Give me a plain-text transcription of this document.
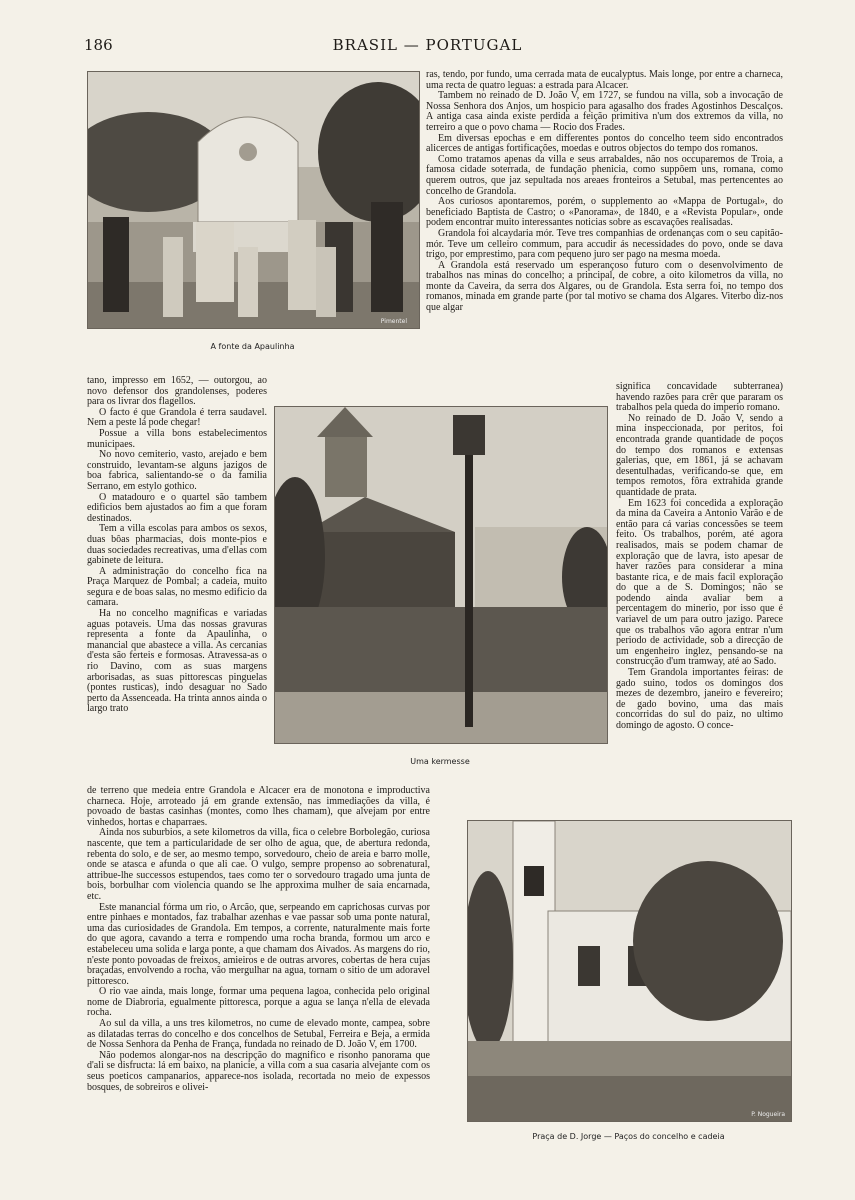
186	BRASIL — PORTUGAL
Pimentel
A fonte da Apaulinha
Uma kermesse
P. Nogueira
Praça de D. Jorge — Paços do concelho e cadeia

ras, tendo, por fundo, uma cerrada mata de eucalyptus. Mais longe, por entre a charneca, uma recta de quatro leguas: a estrada para Alcacer.

Tambem no reinado de D. João V, em 1727, se fundou na villa, sob a invocação de Nossa Senhora dos Anjos, um hospicio para agasalho dos frades Agostinhos Descalços. A antiga casa ainda existe perdida a feição primitiva n'um dos extremos da villa, no terreiro a que o povo chama — Rocio dos Frades.

Em diversas epochas e em differentes pontos do concelho teem sido encontrados alicerces de antigas fortificações, moedas e outros objectos do tempo dos romanos.

Como tratamos apenas da villa e seus arrabaldes, não nos occuparemos de Troia, a famosa cidade soterrada, de fundação phenicia, como suppõem uns, romana, como querem outros, que jaz sepultada nos areaes fronteiros a Setubal, mas pertencentes ao concelho de Grandola.

Aos curiosos apontaremos, porém, o supplemento ao «Mappa de Portugal», do beneficiado Baptista de Castro; o «Panorama», de 1840, e a «Revista Popular», onde podem encontrar muito interessantes noticias sobre as escavações realisadas.

Grandola foi alcaydaria mór. Teve tres companhias de ordenanças com o seu capitão-mór. Teve um celleiro commum, para accudir ás necessidades do povo, onde se dava trigo, por emprestimo, para com pequeno juro ser pago na mesma moeda.

A Grandola está reservado um esperançoso futuro com o desenvolvimento de trabalhos nas minas do concelho; a principal, de cobre, a oito kilometros da villa, no monte da Caveira, da serra dos Algares, ou de Grandola. Esta serra foi, no tempo dos romanos, minada em grande parte (por tal motivo se chama dos Algares. Viterbo diz-nos que algar

significa concavidade subterranea) havendo razões para crêr que pararam os trabalhos pela queda do imperio romano.

No reinado de D. João V, sendo a mina inspeccionada, por peritos, foi encontrada grande quantidade de poços do tempo dos romanos e extensas galerias, que, em 1861, já se achavam desentulhadas, verificando-se que, em tempos remotos, fôra extrahida grande quantidade de prata.

Em 1623 foi concedida a exploração da mina da Caveira a Antonio Varão e de então para cá varias concessões se teem feito. Os trabalhos, porém, até agora realisados, mais se podem chamar de exploração que de lavra, isto apesar de haver razões para considerar a mina bastante rica, e de mais facil exploração do que a de S. Domingos; não se podendo ainda avaliar bem a percentagem do minerio, por isso que é variavel de um para outro jazigo. Parece que os trabalhos vão agora entrar n'um periodo de actividade, sob a direcção de um engenheiro inglez, pensando-se na construcção d'um tramway, até ao Sado.

Tem Grandola importantes feiras: de gado suino, todos os domingos dos mezes de dezembro, janeiro e fevereiro; de gado bovino, uma das mais concorridas do sul do paiz, no ultimo domingo de agosto. O conce-

tano, impresso em 1652, — outorgou, ao novo defensor dos grandolenses, poderes para os livrar dos flagellos.

O facto é que Grandola é terra saudavel. Nem a peste lá pode chegar!

Possue a villa bons estabelecimentos municipaes.

No novo cemiterio, vasto, arejado e bem construido, levantam-se alguns jazigos de boa fabrica, salientando-se o da familia Serrano, em estylo gothico.

O matadouro e o quartel são tambem edificios bem ajustados ao fim a que foram destinados.

Tem a villa escolas para ambos os sexos, duas bôas pharmacias, dois monte-pios e duas sociedades recreativas, uma d'ellas com gabinete de leitura.

A administração do concelho fica na Praça Marquez de Pombal; a cadeia, muito segura e de boas salas, no mesmo edificio da camara.

Ha no concelho magnificas e variadas aguas potaveis. Uma das nossas gravuras representa a fonte da Apaulinha, o manancial que abastece a villa. As cercanias d'esta são ferteis e formosas. Atravessa-as o rio Davino, com as suas margens arborisadas, as suas pittorescas pinguelas (pontes rusticas), indo desaguar no Sado perto da Assenceada. Ha trinta annos ainda o largo trato

de terreno que medeia entre Grandola e Alcacer era de monotona e improductiva charneca. Hoje, arroteado já em grande extensão, nas immediações da villa, é povoado de bastas casinhas (montes, como lhes chamam), que alvejam por entre vinhedos, hortas e chaparraes.

Ainda nos suburbios, a sete kilometros da villa, fica o celebre Borbolegão, curiosa nascente, que tem a particularidade de ser olho de agua, que, de abertura redonda, rebenta do solo, e de ser, ao mesmo tempo, sorvedouro, cheio de areia e barro molle, onde se atasca e afunda o que ali cae. O vulgo, sempre propenso ao sobrenatural, attribue-lhe successos estupendos, taes como ter o sorvedouro tragado uma junta de bois, borbulhar com violencia quando se lhe approxima mulher de saia encarnada, etc.

Este manancial fórma um rio, o Arcão, que, serpeando em caprichosas curvas por entre pinhaes e montados, faz trabalhar azenhas e vae passar sob uma ponte natural, uma das curiosidades de Grandola. Em tempos, a corrente, naturalmente mais forte do que agora, cavando a terra e rompendo uma rocha branda, formou um arco e estabeleceu uma solida e larga ponte, a que chamam dos Aivados. As margens do rio, n'este ponto povoadas de freixos, amieiros e de outras arvores, cobertas de hera cujas braçadas, envolvendo a rocha, vão mergulhar na agua, tornam o sitio de um adoravel pittoresco.

O rio vae ainda, mais longe, formar uma pequena lagoa, conhecida pelo original nome de Diabroria, egualmente pittoresca, porque a agua se lança n'ella de elevada rocha.

Ao sul da villa, a uns tres kilometros, no cume de elevado monte, campea, sobre as dilatadas terras do concelho e dos concelhos de Setubal, Ferreira e Beja, a ermida de Nossa Senhora da Penha de França, fundada no reinado de D. João V, em 1700.

Não podemos alongar-nos na descripção do magnifico e risonho panorama que d'ali se disfructa: lá em baixo, na planicie, a villa com a sua casaria alvejante com os seus poeticos campanarios, apparece-nos isolada, recortada no meio de expessos bosques, de sobreiros e olivei-
